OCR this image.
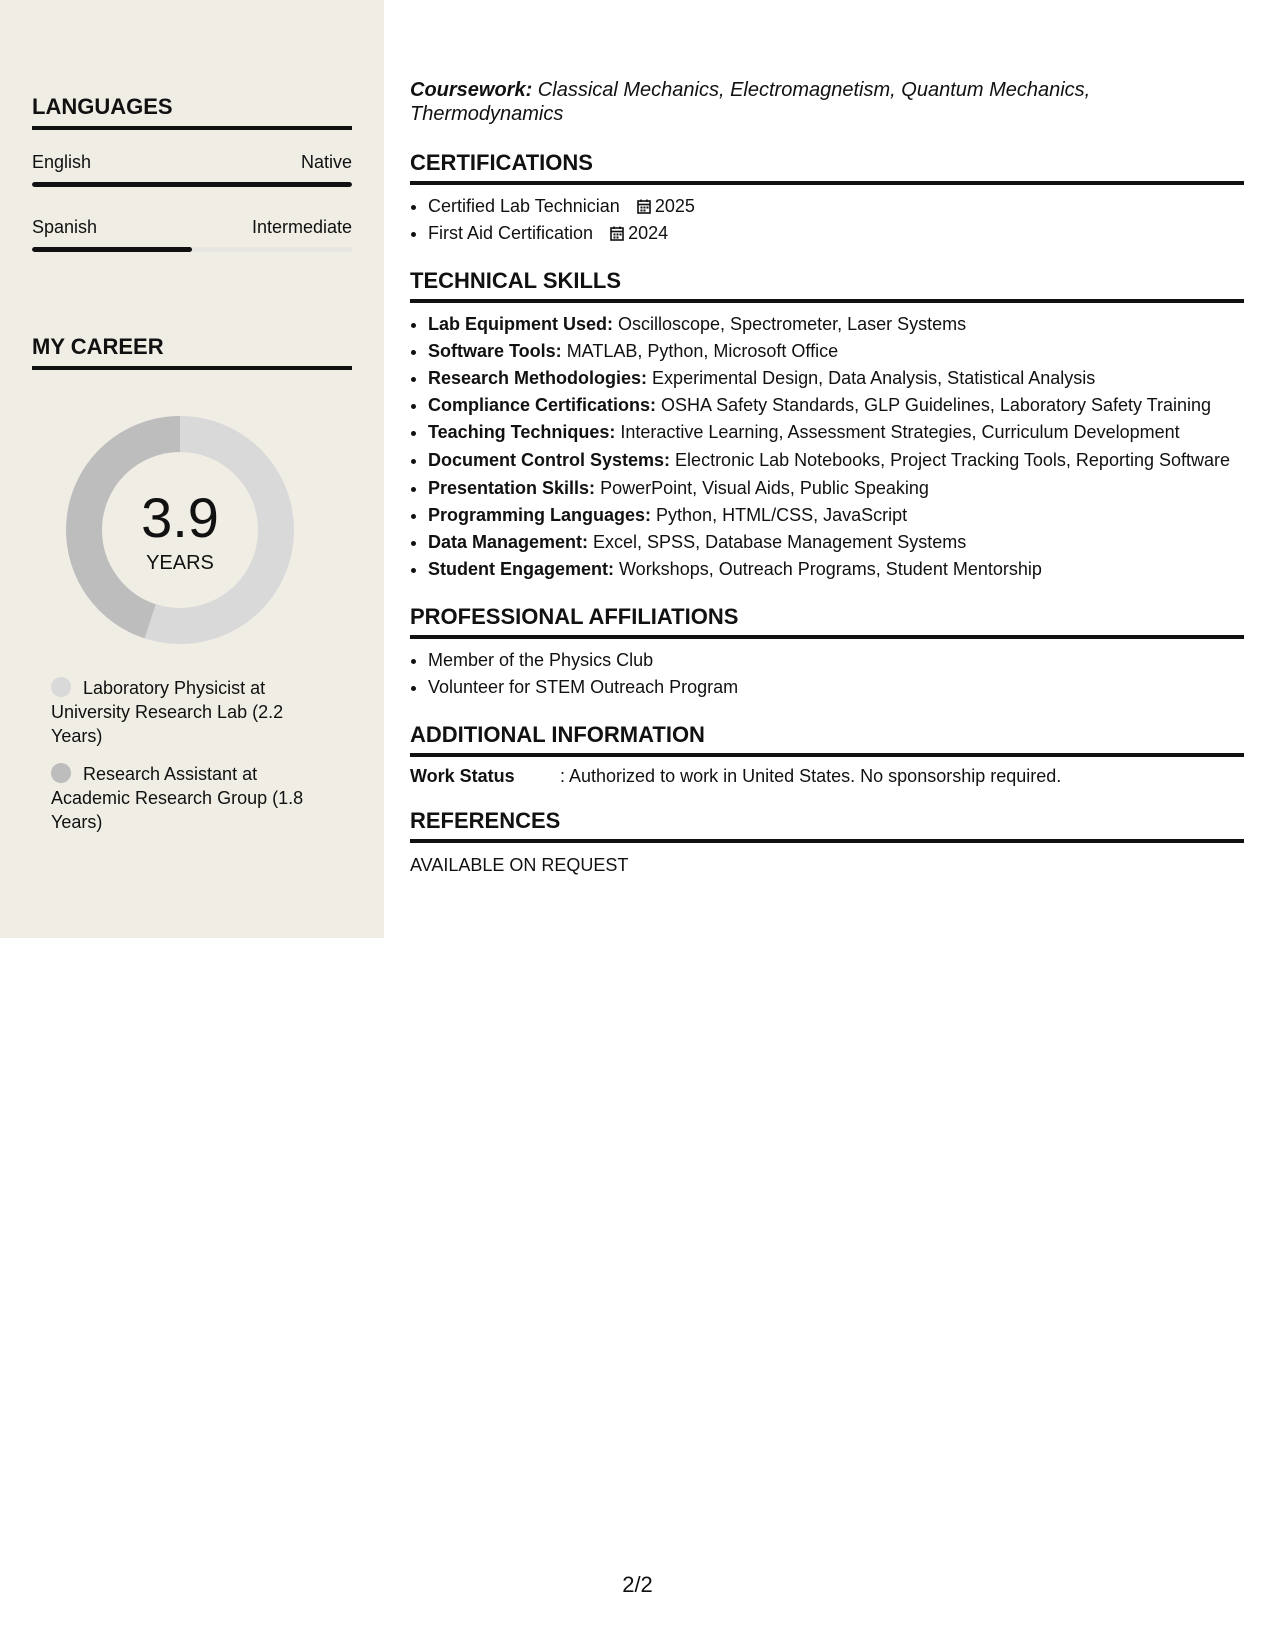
LANGUAGES
English	Native
Spanish	Intermediate
MY CAREER
3.9
YEARS
Laboratory Physicist at University Research Lab (2.2 Years)
Research Assistant at Academic Research Group (1.8 Years)
Coursework: Classical Mechanics, Electromagnetism, Quantum Mechanics, Thermodynamics
CERTIFICATIONS
• Certified Lab Technician 2025
• First Aid Certification 2024
TECHNICAL SKILLS
• Lab Equipment Used: Oscilloscope, Spectrometer, Laser Systems
• Software Tools: MATLAB, Python, Microsoft Office
• Research Methodologies: Experimental Design, Data Analysis, Statistical Analysis
• Compliance Certifications: OSHA Safety Standards, GLP Guidelines, Laboratory Safety Training
• Teaching Techniques: Interactive Learning, Assessment Strategies, Curriculum Development
• Document Control Systems: Electronic Lab Notebooks, Project Tracking Tools, Reporting Software
• Presentation Skills: PowerPoint, Visual Aids, Public Speaking
• Programming Languages: Python, HTML/CSS, JavaScript
• Data Management: Excel, SPSS, Database Management Systems
• Student Engagement: Workshops, Outreach Programs, Student Mentorship
PROFESSIONAL AFFILIATIONS
• Member of the Physics Club
• Volunteer for STEM Outreach Program
ADDITIONAL INFORMATION
Work Status	: Authorized to work in United States. No sponsorship required.
REFERENCES
AVAILABLE ON REQUEST
2/2
